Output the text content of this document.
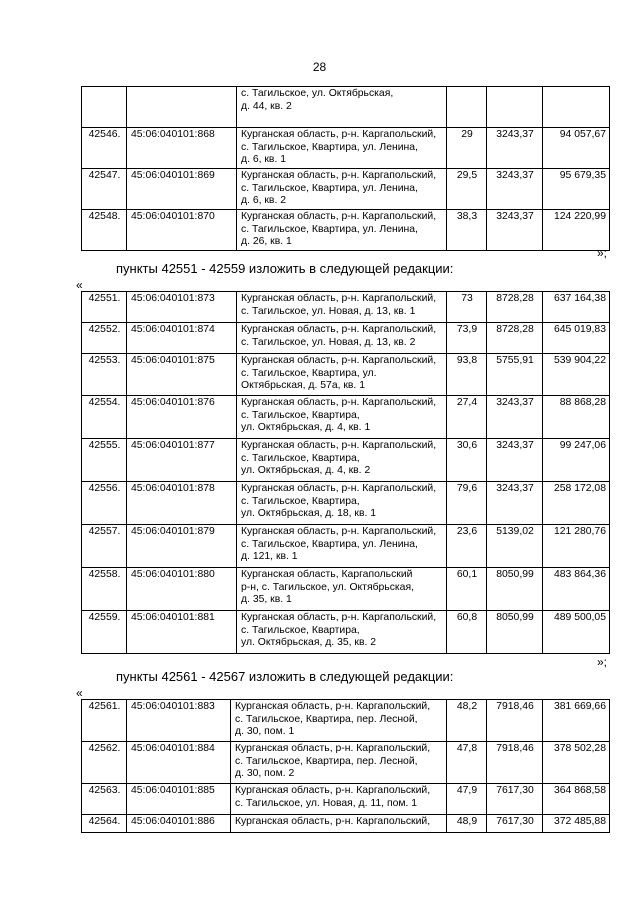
28
		с. Тагильское, ул. Октябрьская,
д. 44, кв. 2			
42546.	45:06:040101:868	Курганская область, р-н. Каргапольский,
с. Тагильское, Квартира, ул. Ленина,
д. 6, кв. 1	29	3243,37	94 057,67
42547.	45:06:040101:869	Курганская область, р-н. Каргапольский,
с. Тагильское, Квартира, ул. Ленина,
д. 6, кв. 2	29,5	3243,37	95 679,35
42548.	45:06:040101:870	Курганская область, р-н. Каргапольский,
с. Тагильское, Квартира, ул. Ленина,
д. 26, кв. 1	38,3	3243,37	124 220,99
»;
пункты 42551 - 42559 изложить в следующей редакции:
«
42551.	45:06:040101:873	Курганская область, р-н. Каргапольский,
с. Тагильское, ул. Новая, д. 13, кв. 1	73	8728,28	637 164,38
42552.	45:06:040101:874	Курганская область, р-н. Каргапольский,
с. Тагильское, ул. Новая, д. 13, кв. 2	73,9	8728,28	645 019,83
42553.	45:06:040101:875	Курганская область, р-н. Каргапольский,
с. Тагильское, Квартира, ул.
Октябрьская, д. 57а, кв. 1	93,8	5755,91	539 904,22
42554.	45:06:040101:876	Курганская область, р-н. Каргапольский,
с. Тагильское, Квартира,
ул. Октябрьская, д. 4, кв. 1	27,4	3243,37	88 868,28
42555.	45:06:040101:877	Курганская область, р-н. Каргапольский,
с. Тагильское, Квартира,
ул. Октябрьская, д. 4, кв. 2	30,6	3243,37	99 247,06
42556.	45:06:040101:878	Курганская область, р-н. Каргапольский,
с. Тагильское, Квартира,
ул. Октябрьская, д. 18, кв. 1	79,6	3243,37	258 172,08
42557.	45:06:040101:879	Курганская область, р-н. Каргапольский,
с. Тагильское, Квартира, ул. Ленина,
д. 121, кв. 1	23,6	5139,02	121 280,76
42558.	45:06:040101:880	Курганская область, Каргапольский
р-н, с. Тагильское, ул. Октябрьская,
д. 35, кв. 1	60,1	8050,99	483 864,36
42559.	45:06:040101:881	Курганская область, р-н. Каргапольский,
с. Тагильское, Квартира,
ул. Октябрьская, д. 35, кв. 2	60,8	8050,99	489 500,05
»;
пункты 42561 - 42567 изложить в следующей редакции:
«
42561.	45:06:040101:883	Курганская область, р-н. Каргапольский,
с. Тагильское, Квартира, пер. Лесной,
д. 30, пом. 1	48,2	7918,46	381 669,66
42562.	45:06:040101:884	Курганская область, р-н. Каргапольский,
с. Тагильское, Квартира, пер. Лесной,
д. 30, пом. 2	47,8	7918,46	378 502,28
42563.	45:06:040101:885	Курганская область, р-н. Каргапольский,
с. Тагильское, ул. Новая, д. 11, пом. 1	47,9	7617,30	364 868,58
42564.	45:06:040101:886	Курганская область, р-н. Каргапольский,	48,9	7617,30	372 485,88
